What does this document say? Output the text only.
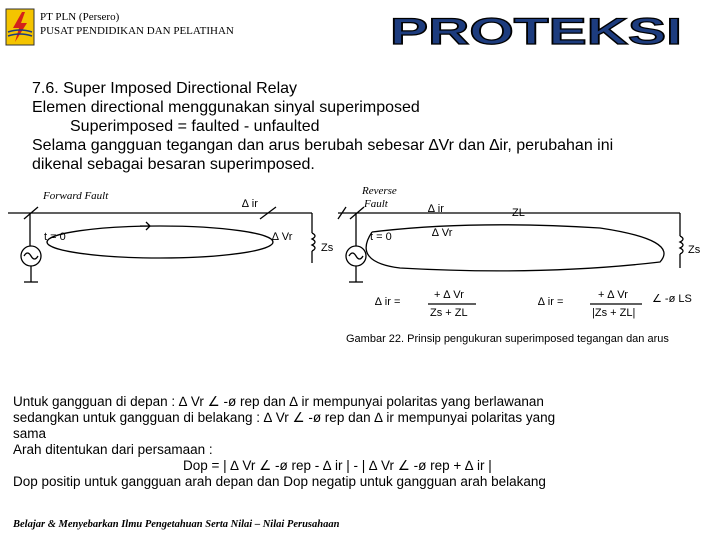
PT PLN (Persero)
PUSAT PENDIDIKAN DAN PELATIHAN	PROTEKSI
7.6. Super Imposed Directional Relay
Elemen directional menggunakan sinyal superimposed
Superimposed = faulted - unfaulted
Selama gangguan tegangan dan arus berubah sebesar ∆Vr dan ∆ir, perubahan ini
dikenal sebagai besaran superimposed.
Forward Fault	Reverse
Fault
t = 0
∆ ir
∆ Vr
Zs
t = 0
∆ ir	ZL
∆ Vr
Zs
∆ ir =
+ ∆ Vr
Zs + ZL
∆ ir =
+ ∆ Vr
|Zs + ZL|
∠ -ø LS
Gambar 22. Prinsip pengukuran superimposed tegangan dan arus
Untuk gangguan di depan : ∆ Vr ∠ -ø rep dan ∆ ir mempunyai polaritas yang berlawanan
sedangkan untuk gangguan di belakang : ∆ Vr ∠ -ø rep dan ∆ ir mempunyai polaritas yang
sama
Arah ditentukan dari persamaan :
Dop = | ∆ Vr ∠ -ø rep - ∆ ir | - | ∆ Vr ∠ -ø rep + ∆ ir |
Dop positip untuk gangguan arah depan dan Dop negatip untuk gangguan arah belakang
Belajar & Menyebarkan Ilmu Pengetahuan Serta Nilai – Nilai Perusahaan
